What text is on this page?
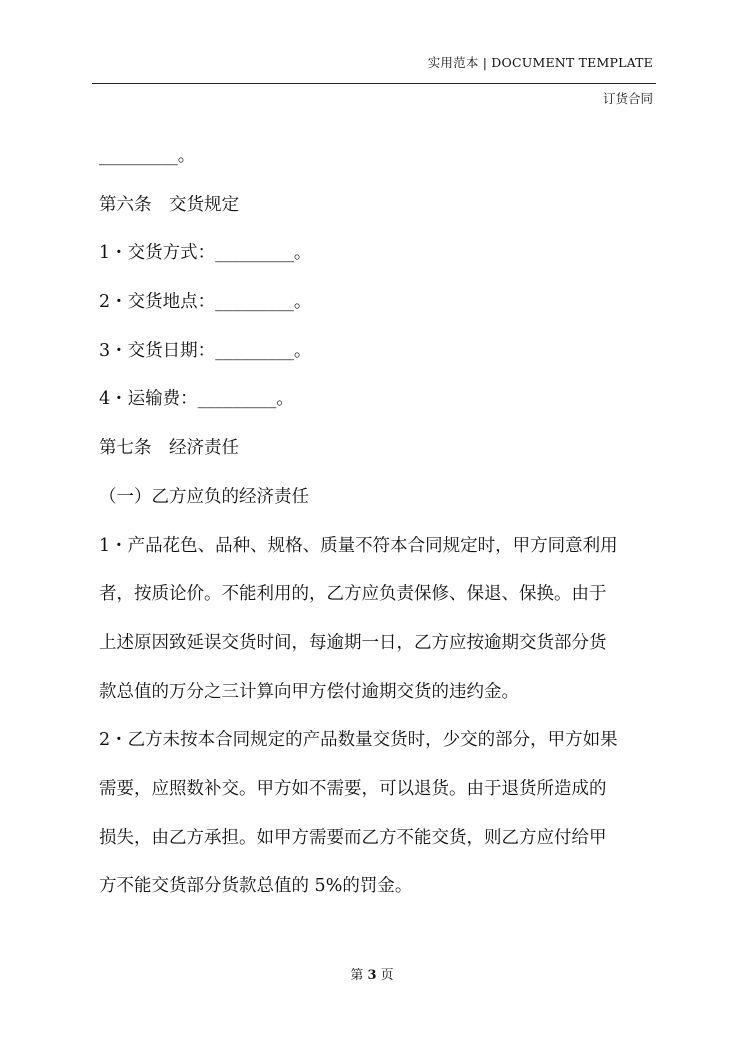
实用范本 | DOCUMENT TEMPLATE
订货合同
_________。
第六条　交货规定
1・交货方式：_________。
2・交货地点：_________。
3・交货日期：_________。
4・运输费：_________。
第七条　经济责任
（一）乙方应负的经济责任
1・产品花色、品种、规格、质量不符本合同规定时，甲方同意利用
者，按质论价。不能利用的，乙方应负责保修、保退、保换。由于
上述原因致延误交货时间，每逾期一日，乙方应按逾期交货部分货
款总值的万分之三计算向甲方偿付逾期交货的违约金。
2・乙方未按本合同规定的产品数量交货时，少交的部分，甲方如果
需要，应照数补交。甲方如不需要，可以退货。由于退货所造成的
损失，由乙方承担。如甲方需要而乙方不能交货，则乙方应付给甲
方不能交货部分货款总值的 5%的罚金。
第 3 页
